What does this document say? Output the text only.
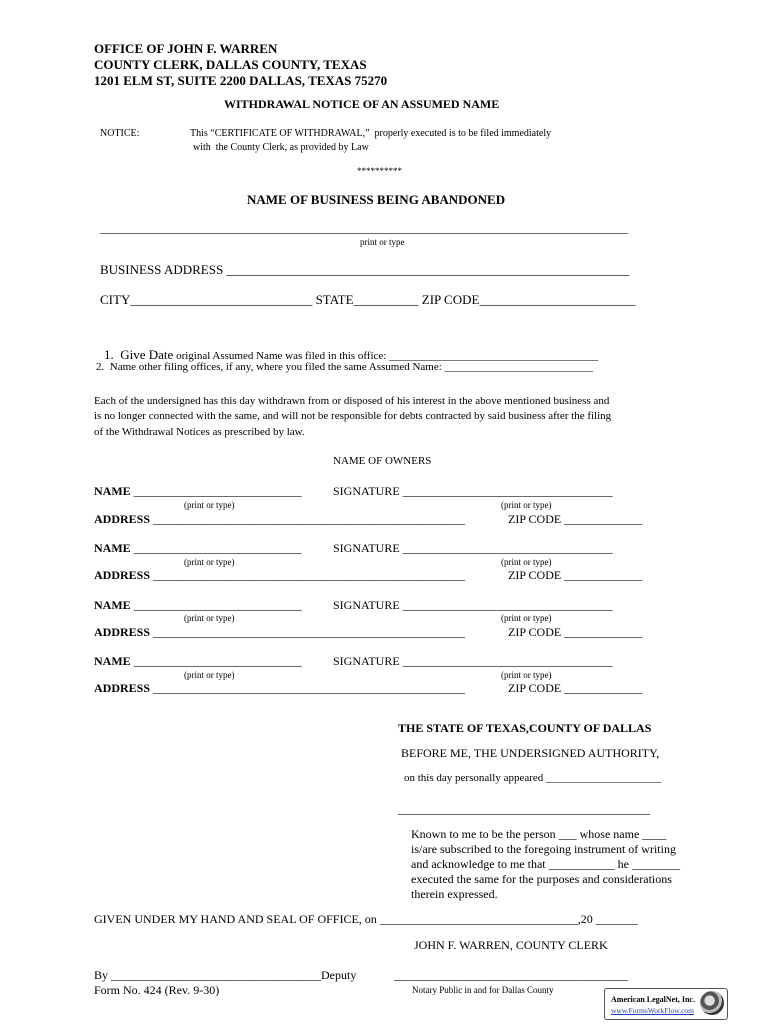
OFFICE OF JOHN F. WARREN
COUNTY CLERK, DALLAS COUNTY, TEXAS
1201 ELM ST, SUITE 2200 DALLAS, TEXAS 75270
WITHDRAWAL NOTICE OF AN ASSUMED NAME
NOTICE:	This “CERTIFICATE OF WITHDRAWAL,”  properly executed is to be filed immediately
with  the County Clerk, as provided by Law
**********
NAME OF BUSINESS BEING ABANDONED
________________________________________________________________________________________
print or type
BUSINESS ADDRESS ______________________________________________________________
CITY____________________________ STATE__________ ZIP CODE________________________

1.  Give Date original Assumed Name was filed in this office: ______________________________________

2.  Name other filing offices, if any, where you filed the same Assumed Name: ___________________________
Each of the undersigned has this day withdrawn from or disposed of his interest in the above mentioned business and
is no longer connected with the same, and will not be responsible for debts contracted by said business after the filing
of the Withdrawal Notices as prescribed by law.
NAME OF OWNERS
NAME ____________________________	SIGNATURE ___________________________________
(print or type)	(print or type)
ADDRESS ____________________________________________________	ZIP CODE _____________
NAME ____________________________	SIGNATURE ___________________________________
(print or type)	(print or type)
ADDRESS ____________________________________________________	ZIP CODE _____________
NAME ____________________________	SIGNATURE ___________________________________
(print or type)	(print or type)
ADDRESS ____________________________________________________	ZIP CODE _____________
NAME ____________________________	SIGNATURE ___________________________________
(print or type)	(print or type)
ADDRESS ____________________________________________________	ZIP CODE _____________
THE STATE OF TEXAS,COUNTY OF DALLAS
BEFORE ME, THE UNDERSIGNED AUTHORITY,
on this day personally appeared _____________________
__________________________________________
Known to me to be the person ___ whose name ____
is/are subscribed to the foregoing instrument of writing
and acknowledge to me that ___________ he ________
executed the same for the purposes and considerations
therein expressed.
GIVEN UNDER MY HAND AND SEAL OF OFFICE, on _________________________________,20 _______
JOHN F. WARREN, COUNTY CLERK
By ___________________________________Deputy	_______________________________________
Form No. 424 (Rev. 9-30)	Notary Public in and for Dallas County
American LegalNet, Inc.
www.FormsWorkFlow.com
